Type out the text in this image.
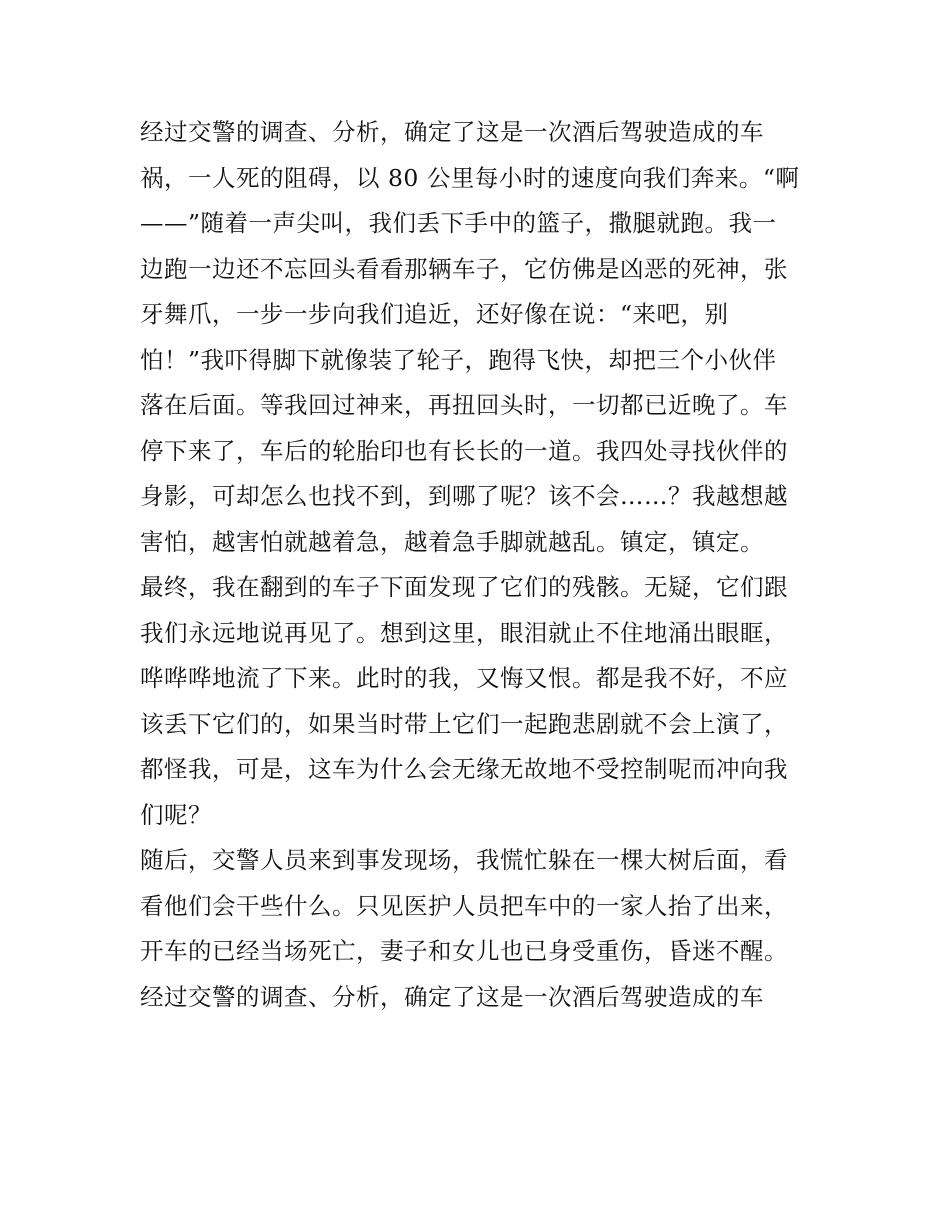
经过交警的调查、分析，确定了这是一次酒后驾驶造成的车
祸，一人死的阻碍，以 80 公里每小时的速度向我们奔来。“啊
——”随着一声尖叫，我们丢下手中的篮子，撒腿就跑。我一
边跑一边还不忘回头看看那辆车子，它仿佛是凶恶的死神，张
牙舞爪，一步一步向我们追近，还好像在说：“来吧，别
怕！”我吓得脚下就像装了轮子，跑得飞快，却把三个小伙伴
落在后面。等我回过神来，再扭回头时，一切都已近晚了。车
停下来了，车后的轮胎印也有长长的一道。我四处寻找伙伴的
身影，可却怎么也找不到，到哪了呢？该不会……？我越想越
害怕，越害怕就越着急，越着急手脚就越乱。镇定，镇定。
最终，我在翻到的车子下面发现了它们的残骸。无疑，它们跟
我们永远地说再见了。想到这里，眼泪就止不住地涌出眼眶，
哗哗哗地流了下来。此时的我，又悔又恨。都是我不好，不应
该丢下它们的，如果当时带上它们一起跑悲剧就不会上演了，
都怪我，可是，这车为什么会无缘无故地不受控制呢而冲向我
们呢？
随后，交警人员来到事发现场，我慌忙躲在一棵大树后面，看
看他们会干些什么。只见医护人员把车中的一家人抬了出来，
开车的已经当场死亡，妻子和女儿也已身受重伤，昏迷不醒。
经过交警的调查、分析，确定了这是一次酒后驾驶造成的车
